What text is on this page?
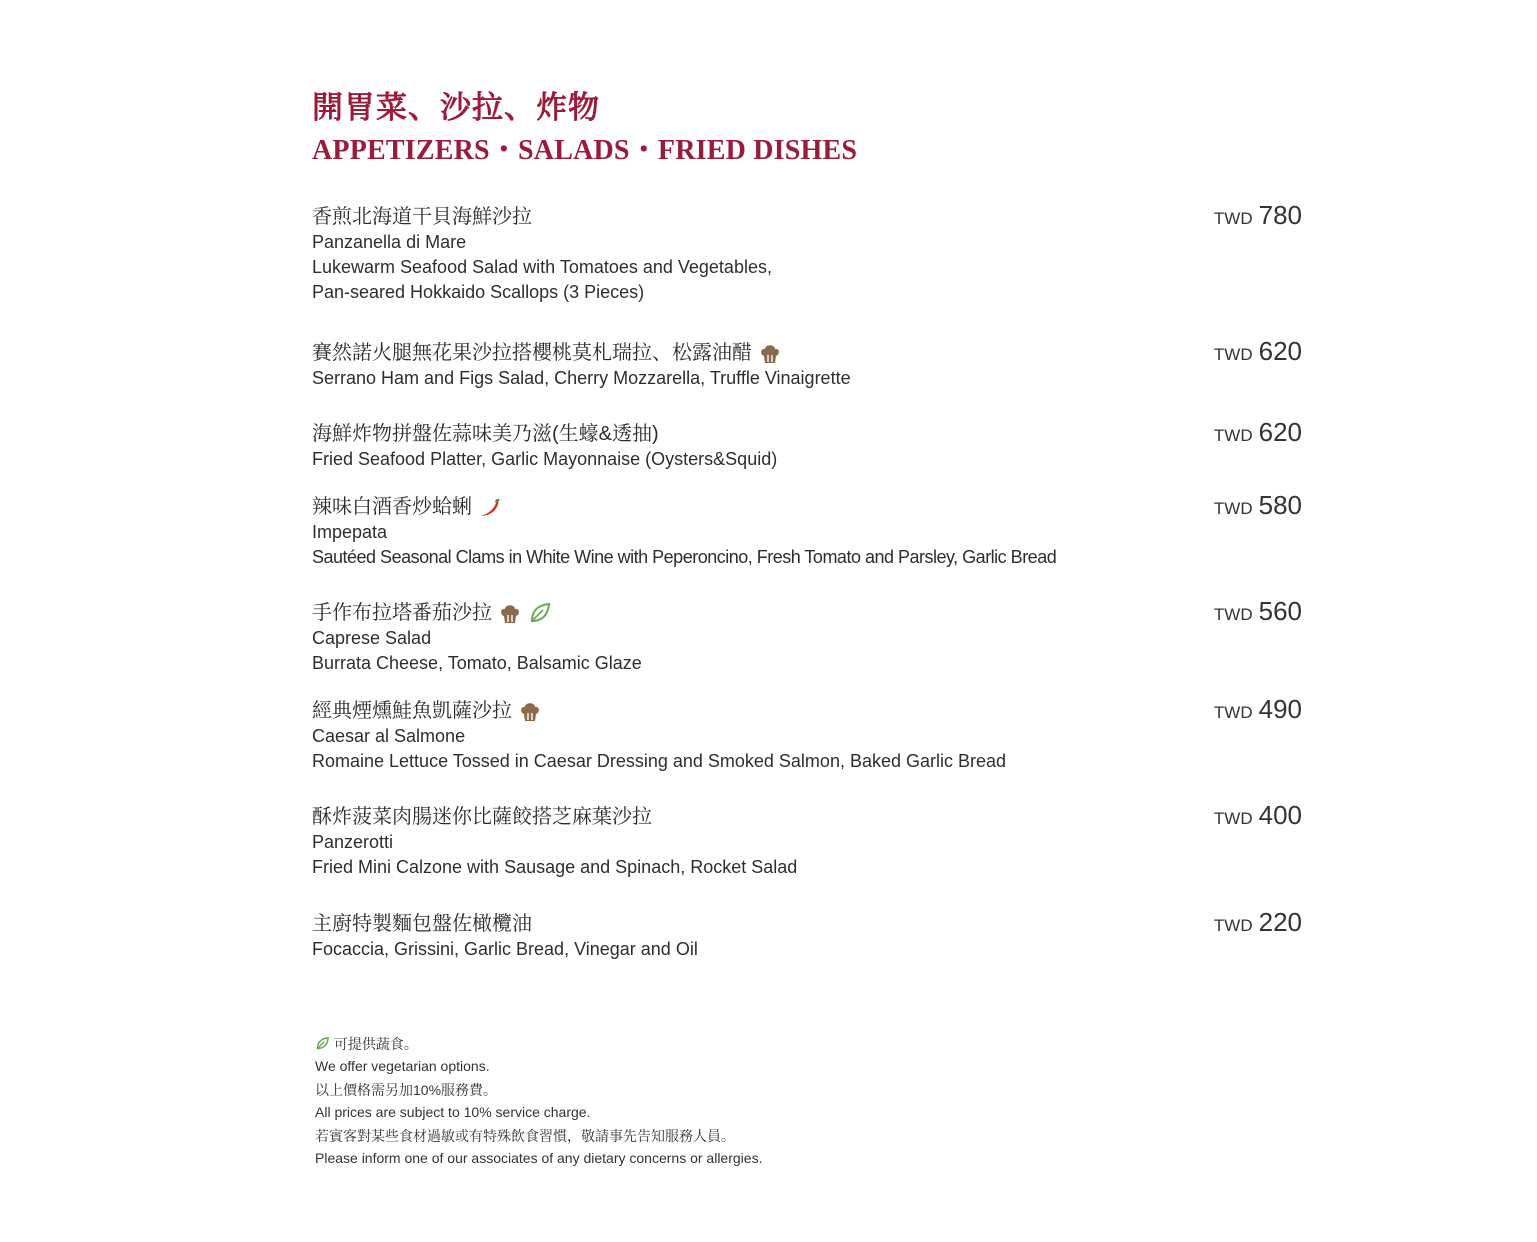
開胃菜、沙拉、炸物
APPETIZERS・SALADS・FRIED DISHES
香煎北海道干貝海鮮沙拉
Panzanella di Mare
Lukewarm Seafood Salad with Tomatoes and Vegetables,
Pan-seared Hokkaido Scallops (3 Pieces)
TWD 780
賽然諾火腿無花果沙拉搭櫻桃莫札瑞拉、松露油醋
Serrano Ham and Figs Salad, Cherry Mozzarella, Truffle Vinaigrette
TWD 620
海鮮炸物拼盤佐蒜味美乃滋(生蠔&透抽)
Fried Seafood Platter, Garlic Mayonnaise (Oysters&Squid)
TWD 620
辣味白酒香炒蛤蜊
Impepata
Sautéed Seasonal Clams in White Wine with Peperoncino, Fresh Tomato and Parsley, Garlic Bread
TWD 580
手作布拉塔番茄沙拉
Caprese Salad
Burrata Cheese, Tomato, Balsamic Glaze
TWD 560
經典煙燻鮭魚凱薩沙拉
Caesar al Salmone
Romaine Lettuce Tossed in Caesar Dressing and Smoked Salmon, Baked Garlic Bread
TWD 490
酥炸菠菜肉腸迷你比薩餃搭芝麻葉沙拉
Panzerotti
Fried Mini Calzone with Sausage and Spinach, Rocket Salad
TWD 400
主廚特製麵包盤佐橄欖油
Focaccia, Grissini, Garlic Bread, Vinegar and Oil
TWD 220
可提供蔬食。
We offer vegetarian options.
以上價格需另加10%服務費。
All prices are subject to 10% service charge.
若賓客對某些食材過敏或有特殊飲食習慣，敬請事先告知服務人員。
Please inform one of our associates of any dietary concerns or allergies.
